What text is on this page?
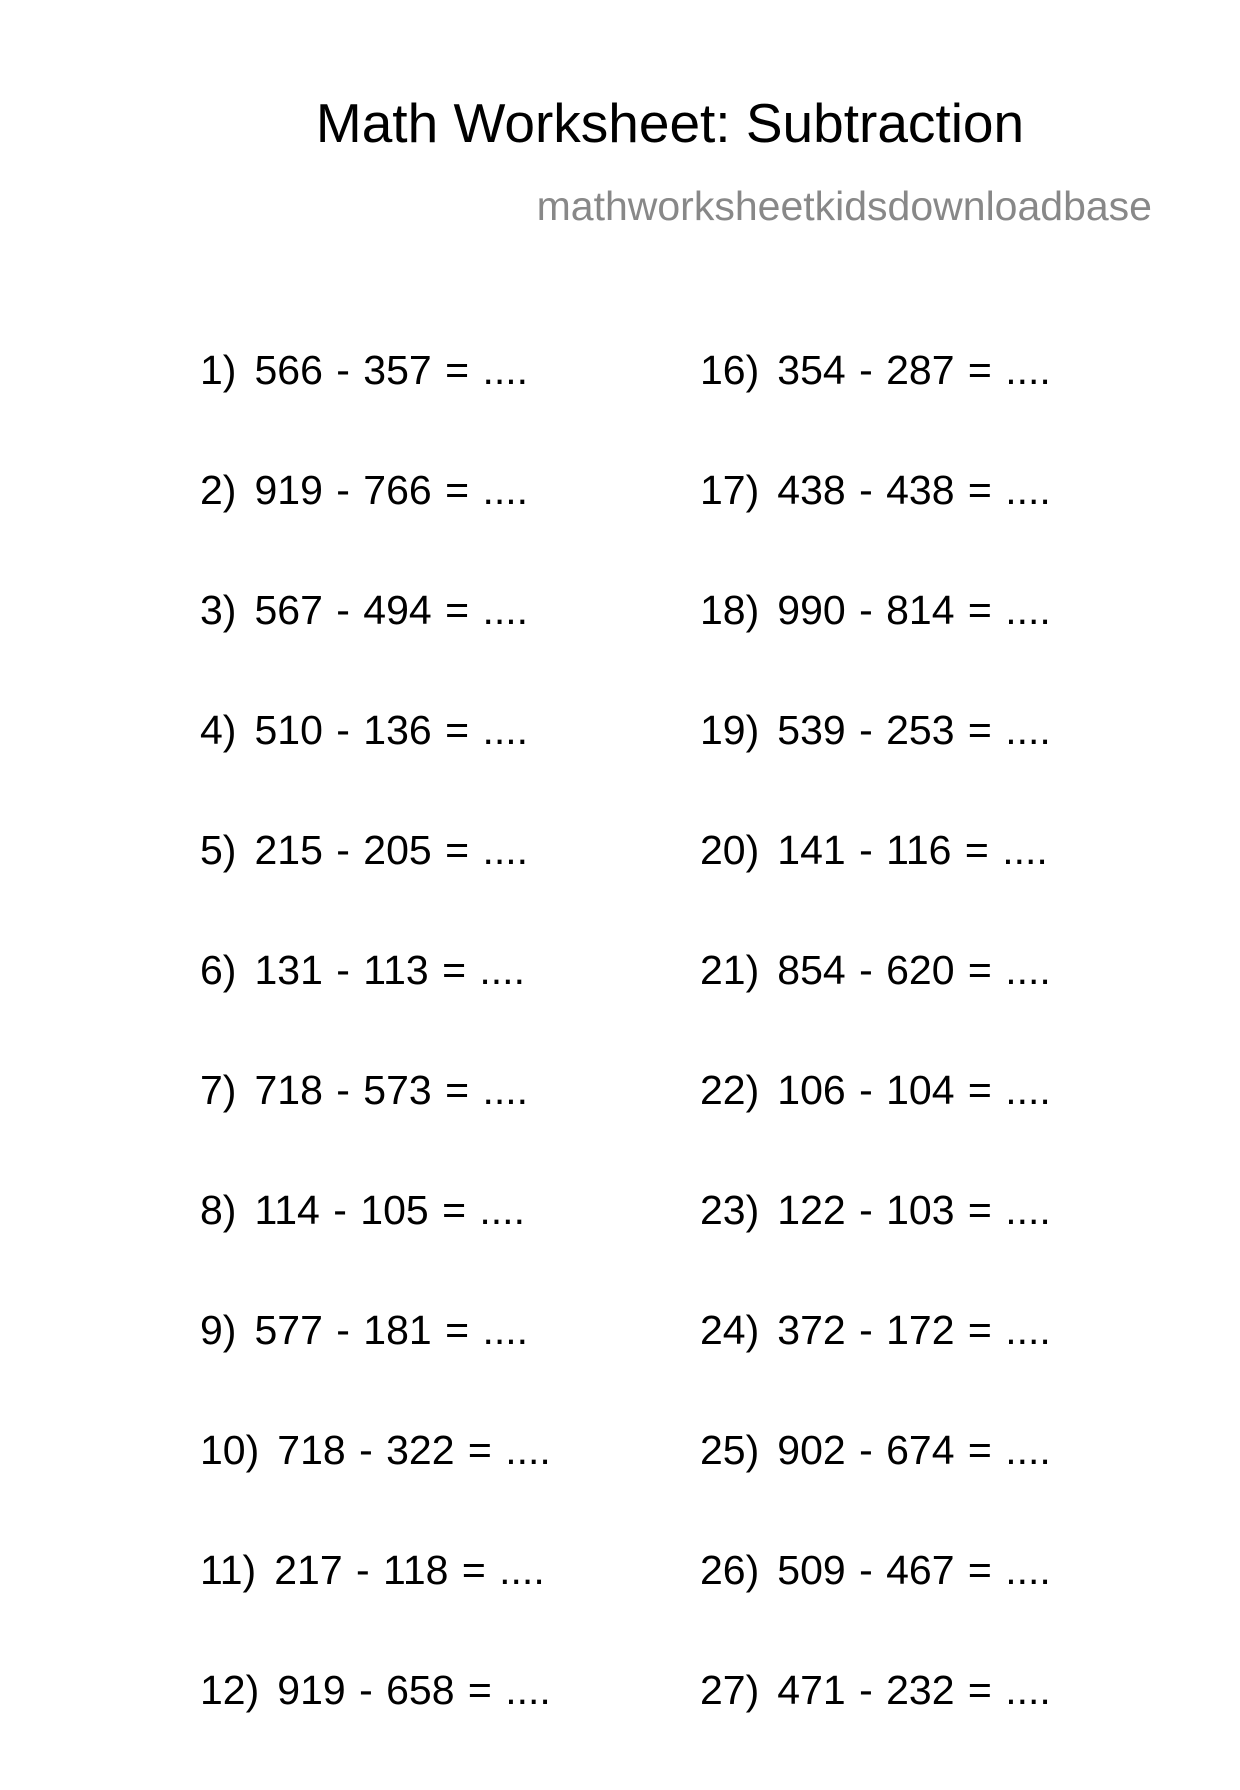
Math Worksheet: Subtraction
mathworksheetkidsdownloadbase
1) 566 - 357 = ....
2) 919 - 766 = ....
3) 567 - 494 = ....
4) 510 - 136 = ....
5) 215 - 205 = ....
6) 131 - 113 = ....
7) 718 - 573 = ....
8) 114 - 105 = ....
9) 577 - 181 = ....
10) 718 - 322 = ....
11) 217 - 118 = ....
12) 919 - 658 = ....
16) 354 - 287 = ....
17) 438 - 438 = ....
18) 990 - 814 = ....
19) 539 - 253 = ....
20) 141 - 116 = ....
21) 854 - 620 = ....
22) 106 - 104 = ....
23) 122 - 103 = ....
24) 372 - 172 = ....
25) 902 - 674 = ....
26) 509 - 467 = ....
27) 471 - 232 = ....
